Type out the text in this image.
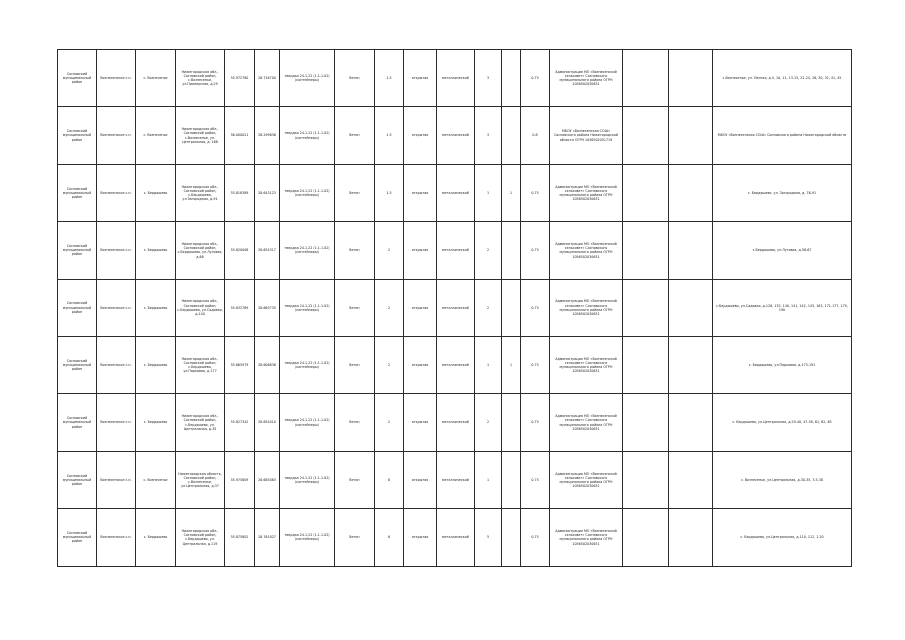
Сосновский муниципальный район	Вознесенское с.п.	с. Вознесенье	Нижегородская обл., Сосновский район, с.Вознесенье, ул.Пионерская, д.29	55.972780	28.716700	твердая 24.1.22 (1.1.1.02) (контейнеры)	бетон	1.5	открытая	металлический	3		0.75	Администрация МО «Вознесенский сельсовет» Сосновского муниципального района ОГРН 1056502030631			с.Вознесенье, ул. Лесная, д.5, 10, 11, 13-15, 22-24, 26, 30, 32, 41, 45
Сосновский муниципальный район	Вознесенское с.п.	с. Вознесенье	Нижегородская обл., Сосновский район, с.Вознесенье, ул. Центральная, д. 168	56.000021	28.299836	твердая 24.1.22 (1.1.1.02) (контейнеры)	бетон	1.5	открытая	металлический	3		0.8	МБОУ «Вознесенская СОШ» Сосновского района Нижегородской области ОГРН 1036502051719			МБОУ «Вознесенская СОШ» Сосновского района Нижегородской области
Сосновский муниципальный район	Вознесенское с.п.	с. Бердяшево	Нижегородская обл., Сосновский район, с.Бердяшево, ул.Загородная, д.91	55.818389	28.643123	твердая 24.1.22 (1.1.1.02) (контейнеры)	бетон	1.5	открытая	металлический	1	1	0.75	Администрация МО «Вознесенский сельсовет» Сосновского муниципального района ОГРН 1056502030631			с. Бердяшево, ул. Загородная, д. 76-91
Сосновский муниципальный район	Вознесенское с.п.	с. Бердяшево	Нижегородская обл., Сосновский район, с.Бердяшево, ул.Луговая, д.68	55.820006	28.654317	твердая 24.1.22 (1.1.1.02) (контейнеры)	бетон	2	открытая	металлический	2		0.75	Администрация МО «Вознесенский сельсовет» Сосновского муниципального района ОГРН 1056502030631			с.Бердяшево, ул.Луговая, д.56-67
Сосновский муниципальный район	Вознесенское с.п.	с. Бердяшево	Нижегородская обл., Сосновский район, с.Бердяшево, ул.Садовая, д.140	55.832789	28.665735	твердая 24.1.22 (1.1.1.02) (контейнеры)	бетон	2	открытая	металлический	2		0.75	Администрация МО «Вознесенский сельсовет» Сосновского муниципального района ОГРН 1056502030631			с.Бердяшево, ул.Садовая, д.128, 135, 140, 141, 142, 143, 163, 171-177, 179, 190
Сосновский муниципальный район	Вознесенское с.п.	с. Бердяшево	Нижегородская обл., Сосновский район, с.Бердяшево, ул.Парковая, д.177	55.865979	28.606836	твердая 24.1.22 (1.1.1.02) (контейнеры)	бетон	2	открытая	металлический	1	1	0.75	Администрация МО «Вознесенский сельсовет» Сосновского муниципального района ОГРН 1056502030631			с. Бердяшево, ул.Парковая, д.173-191
Сосновский муниципальный район	Вознесенское с.п.	с. Бердяшево	Нижегородская обл., Сосновский район, с.Бердяшево, ул. Центральная, д.35	55.827342	28.654010	твердая 24.1.22 (1.1.1.02) (контейнеры)	бетон	2	открытая	металлический	2		0.75	Администрация МО «Вознесенский сельсовет» Сосновского муниципального района ОГРН 1056502030631			с. Бердяшево, ул.Центральная, д.29-40, 47-58, 61, 62, 65
Сосновский муниципальный район	Вознесенское с.п.	с. Вознесенье	Нижегородская область, Сосновский район, с.Вознесенье, ул.Центральная, д.37	55.975809	28.685063	твердая 24.1.22 (1.1.1.02) (контейнеры)	бетон	8	открытая	металлический	1		0.75	Администрация МО «Вознесенский сельсовет» Сосновского муниципального района ОГРН 1056502030631			с. Вознесенье, ул.Центральная, д.30-35, 3.5-38
Сосновский муниципальный район	Вознесенское с.п.	с. Бердяшево	Нижегородская обл., Сосновский район, с.Бердяшево, ул. Центральная, д.119	55.875802	28.761827	твердая 24.1.22 (1.1.1.02) (контейнеры)	бетон	6	открытая	металлический	5		0.75	Администрация МО «Вознесенский сельсовет» Сосновского муниципального района ОГРН 1056502030631			с. Бердяшево, ул.Центральная, д.110, 112, 1.20
